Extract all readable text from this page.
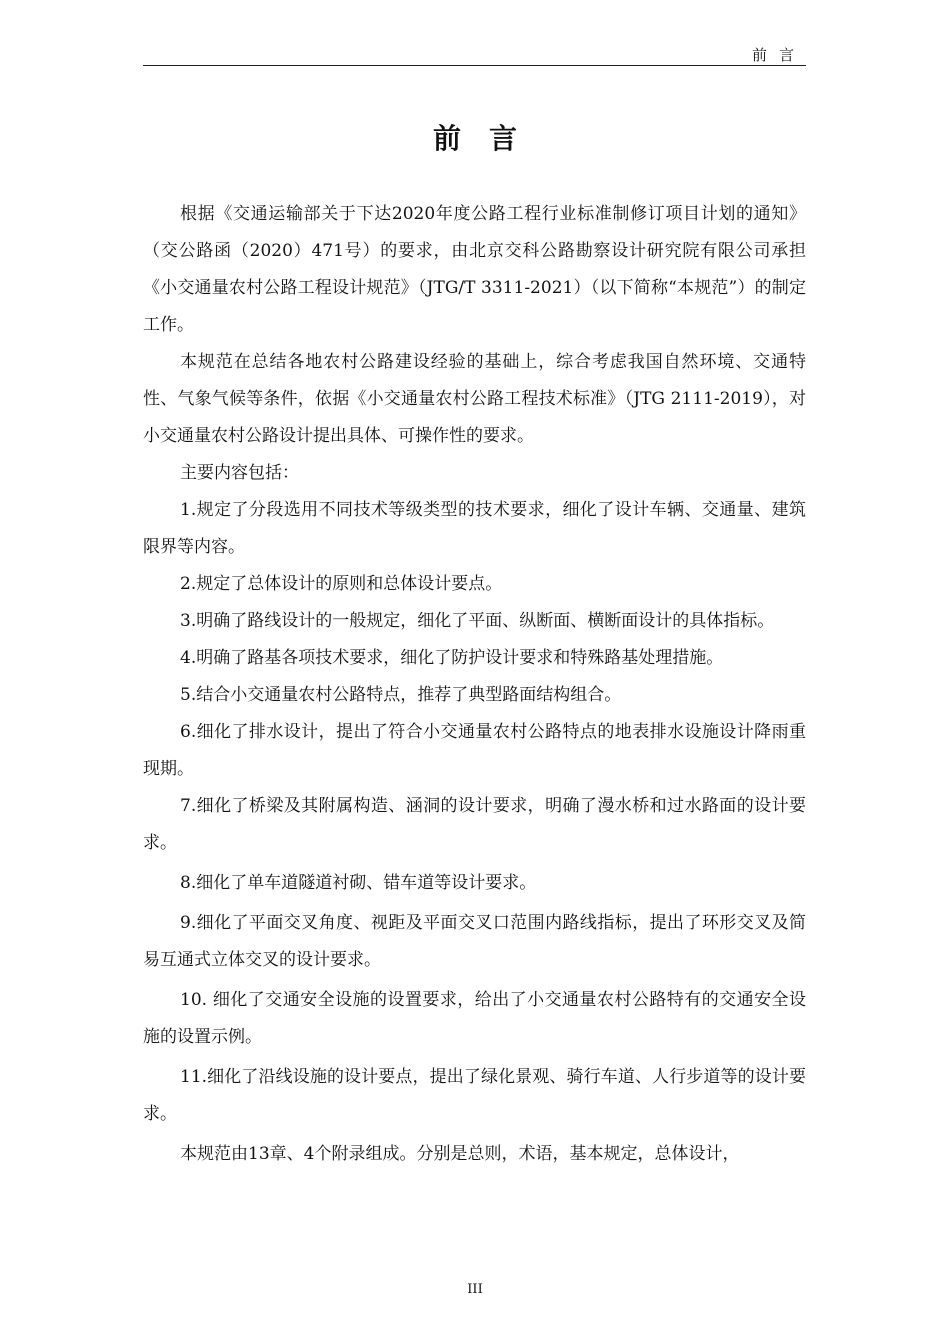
前言
前言

根据《交通运输部关于下达2020年度公路工程行业标准制修订项目计划的通知》（交公路函（2020）471号）的要求，由北京交科公路勘察设计研究院有限公司承担《小交通量农村公路工程设计规范》（JTG/T 3311-2021）（以下简称“本规范”）的制定工作。

本规范在总结各地农村公路建设经验的基础上，综合考虑我国自然环境、交通特性、气象气候等条件，依据《小交通量农村公路工程技术标准》（JTG 2111-2019），对小交通量农村公路设计提出具体、可操作性的要求。

主要内容包括：

1.规定了分段选用不同技术等级类型的技术要求，细化了设计车辆、交通量、建筑限界等内容。

2.规定了总体设计的原则和总体设计要点。

3.明确了路线设计的一般规定，细化了平面、纵断面、横断面设计的具体指标。

4.明确了路基各项技术要求，细化了防护设计要求和特殊路基处理措施。

5.结合小交通量农村公路特点，推荐了典型路面结构组合。

6.细化了排水设计，提出了符合小交通量农村公路特点的地表排水设施设计降雨重现期。

7.细化了桥梁及其附属构造、涵洞的设计要求，明确了漫水桥和过水路面的设计要求。

8.细化了单车道隧道衬砌、错车道等设计要求。

9.细化了平面交叉角度、视距及平面交叉口范围内路线指标，提出了环形交叉及简易互通式立体交叉的设计要求。

10. 细化了交通安全设施的设置要求，给出了小交通量农村公路特有的交通安全设施的设置示例。

11.细化了沿线设施的设计要点，提出了绿化景观、骑行车道、人行步道等的设计要求。

本规范由13章、4个附录组成。分别是总则，术语，基本规定，总体设计，

III
